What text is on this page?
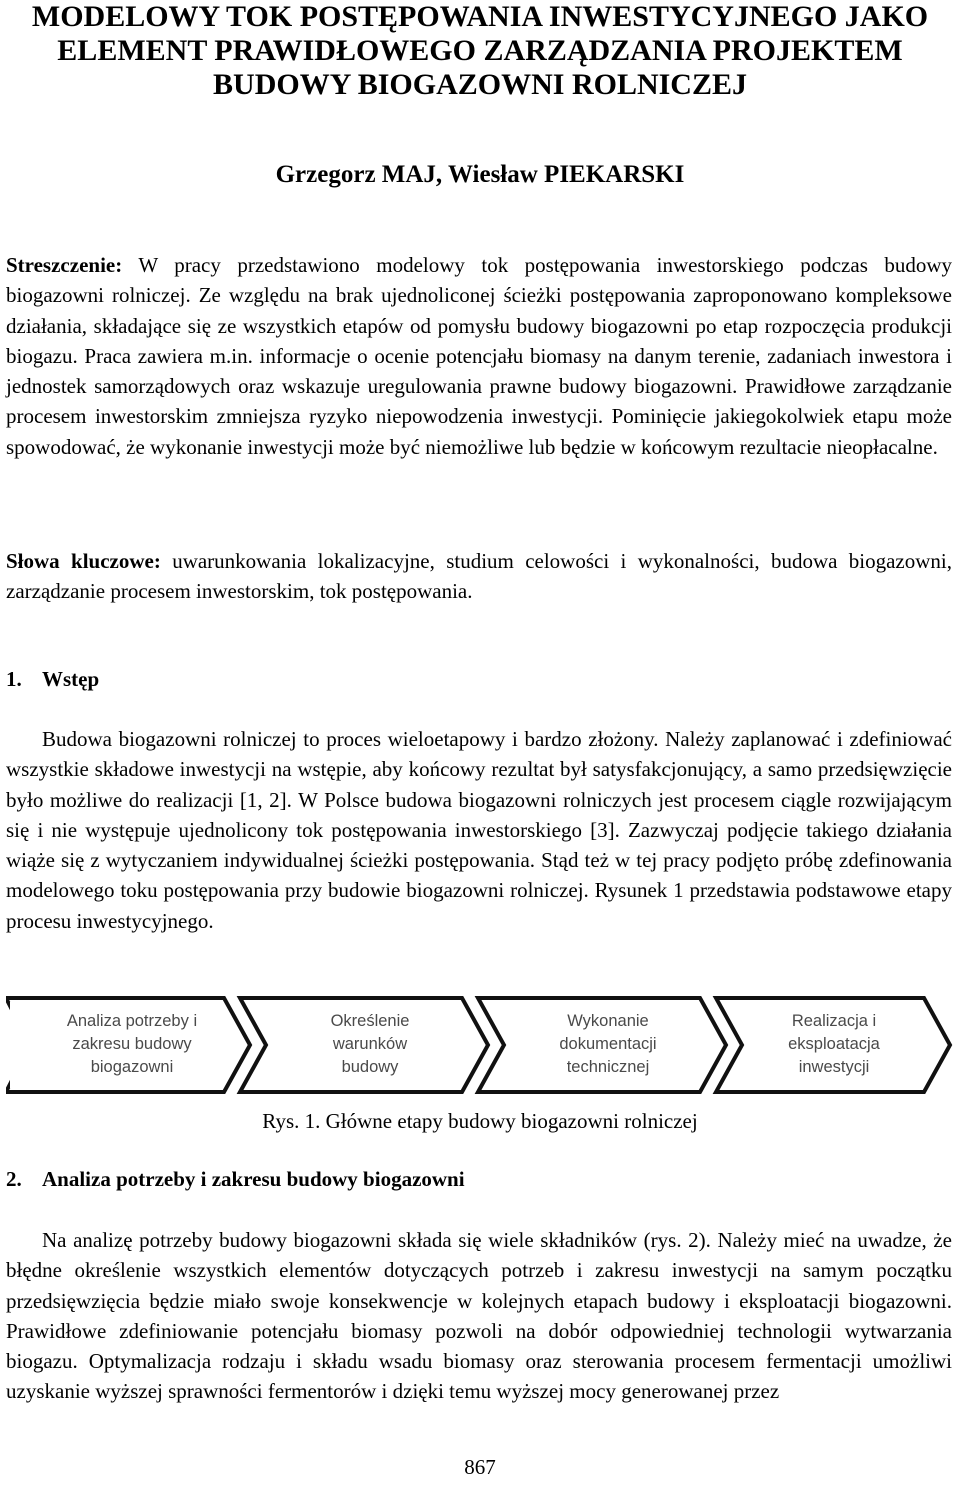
MODELOWY TOK POSTĘPOWANIA INWESTYCYJNEGO JAKO
ELEMENT PRAWIDŁOWEGO ZARZĄDZANIA PROJEKTEM
BUDOWY BIOGAZOWNI ROLNICZEJ
Grzegorz MAJ, Wiesław PIEKARSKI
Streszczenie: W pracy przedstawiono modelowy tok postępowania inwestorskiego podczas budowy biogazowni rolniczej. Ze względu na brak ujednoliconej ścieżki postępowania zaproponowano kompleksowe działania, składające się ze wszystkich etapów od pomysłu budowy biogazowni po etap rozpoczęcia produkcji biogazu. Praca zawiera m.in. informacje o ocenie potencjału biomasy na danym terenie, zadaniach inwestora i jednostek samorządowych oraz wskazuje uregulowania prawne budowy biogazowni. Prawidłowe zarządzanie procesem inwestorskim zmniejsza ryzyko niepowodzenia inwestycji. Pominięcie jakiegokolwiek etapu może spowodować, że wykonanie inwestycji może być niemożliwe lub będzie w końcowym rezultacie nieopłacalne.
Słowa kluczowe: uwarunkowania lokalizacyjne, studium celowości i wykonalności, budowa biogazowni, zarządzanie procesem inwestorskim, tok postępowania.
1. Wstęp
Budowa biogazowni rolniczej to proces wieloetapowy i bardzo złożony. Należy zaplanować i zdefiniować wszystkie składowe inwestycji na wstępie, aby końcowy rezultat był satysfakcjonujący, a samo przedsięwzięcie było możliwe do realizacji [1, 2]. W Polsce budowa biogazowni rolniczych jest procesem ciągle rozwijającym się i nie występuje ujednolicony tok postępowania inwestorskiego [3]. Zazwyczaj podjęcie takiego działania wiąże się z wytyczaniem indywidualnej ścieżki postępowania. Stąd też w tej pracy podjęto próbę zdefinowania modelowego toku postępowania przy budowie biogazowni rolniczej. Rysunek 1 przedstawia podstawowe etapy procesu inwestycyjnego.
Analiza potrzeby i
zakresu budowy
biogazowni
Określenie
warunków
budowy
Wykonanie
dokumentacji
technicznej
Realizacja i
eksploatacja
inwestycji
Rys. 1. Główne etapy budowy biogazowni rolniczej
2. Analiza potrzeby i zakresu budowy biogazowni
Na analizę potrzeby budowy biogazowni składa się wiele składników (rys. 2). Należy mieć na uwadze, że błędne określenie wszystkich elementów dotyczących potrzeb i zakresu inwestycji na samym początku przedsięwzięcia będzie miało swoje konsekwencje w kolejnych etapach budowy i eksploatacji biogazowni. Prawidłowe zdefiniowanie potencjału biomasy pozwoli na dobór odpowiedniej technologii wytwarzania biogazu. Optymalizacja rodzaju i składu wsadu biomasy oraz sterowania procesem fermentacji umożliwi uzyskanie wyższej sprawności fermentorów i dzięki temu wyższej mocy generowanej przez
867
